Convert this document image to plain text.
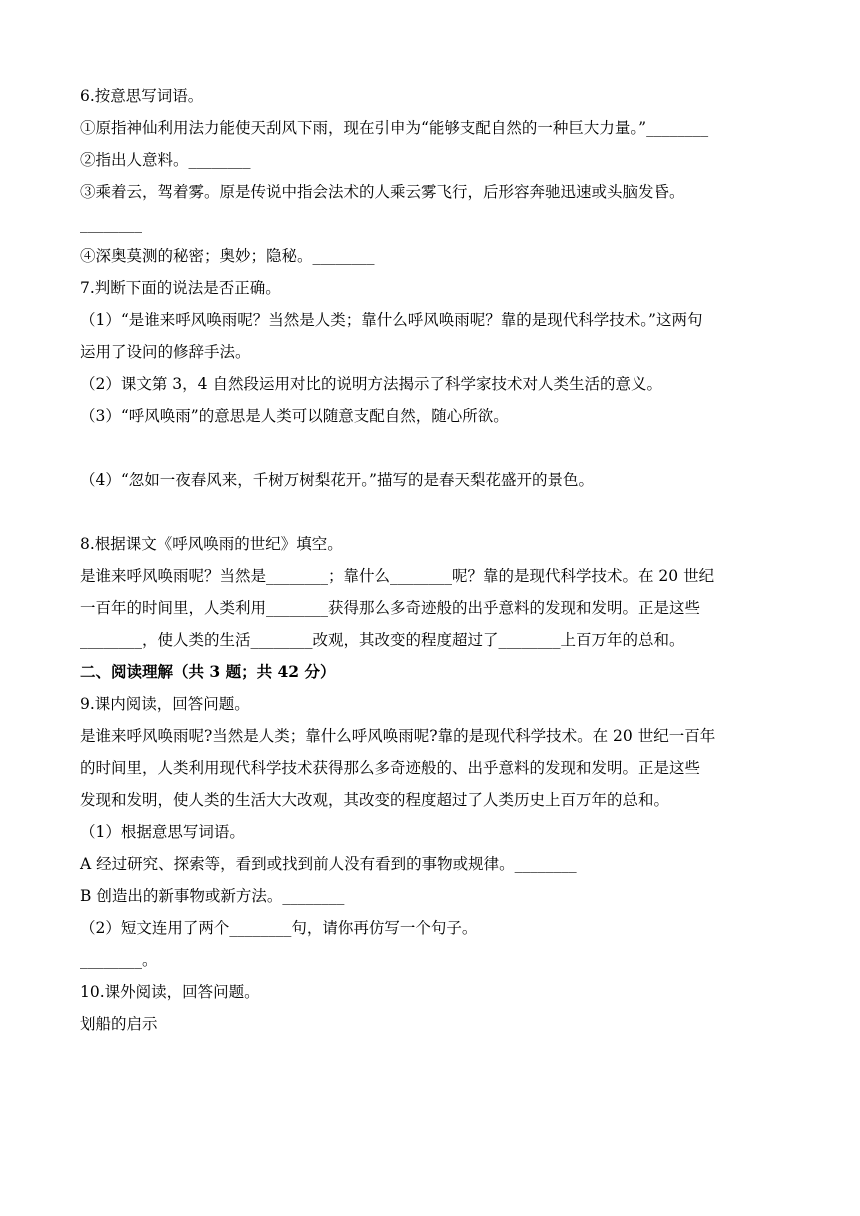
6.按意思写词语。
①原指神仙利用法力能使天刮风下雨，现在引申为“能够支配自然的一种巨大力量。”________
②指出人意料。________
③乘着云，驾着雾。原是传说中指会法术的人乘云雾飞行，后形容奔驰迅速或头脑发昏。
________
④深奥莫测的秘密；奥妙；隐秘。________
7.判断下面的说法是否正确。
（1）“是谁来呼风唤雨呢？当然是人类；靠什么呼风唤雨呢？靠的是现代科学技术。”这两句
运用了设问的修辞手法。
（2）课文第 3，4 自然段运用对比的说明方法揭示了科学家技术对人类生活的意义。
（3）“呼风唤雨”的意思是人类可以随意支配自然，随心所欲。
（4）“忽如一夜春风来，千树万树梨花开。”描写的是春天梨花盛开的景色。
8.根据课文《呼风唤雨的世纪》填空。
是谁来呼风唤雨呢？当然是________；靠什么________呢？靠的是现代科学技术。在 20 世纪
一百年的时间里，人类利用________获得那么多奇迹般的出乎意料的发现和发明。正是这些
________，使人类的生活________改观，其改变的程度超过了________上百万年的总和。
二、阅读理解（共 3 题；共 42 分）
9.课内阅读，回答问题。
是谁来呼风唤雨呢?当然是人类；靠什么呼风唤雨呢?靠的是现代科学技术。在 20 世纪一百年
的时间里，人类利用现代科学技术获得那么多奇迹般的、出乎意料的发现和发明。正是这些
发现和发明，使人类的生活大大改观，其改变的程度超过了人类历史上百万年的总和。
（1）根据意思写词语。
A 经过研究、探索等，看到或找到前人没有看到的事物或规律。________
B 创造出的新事物或新方法。________
（2）短文连用了两个________句，请你再仿写一个句子。
________。
10.课外阅读，回答问题。
划船的启示
